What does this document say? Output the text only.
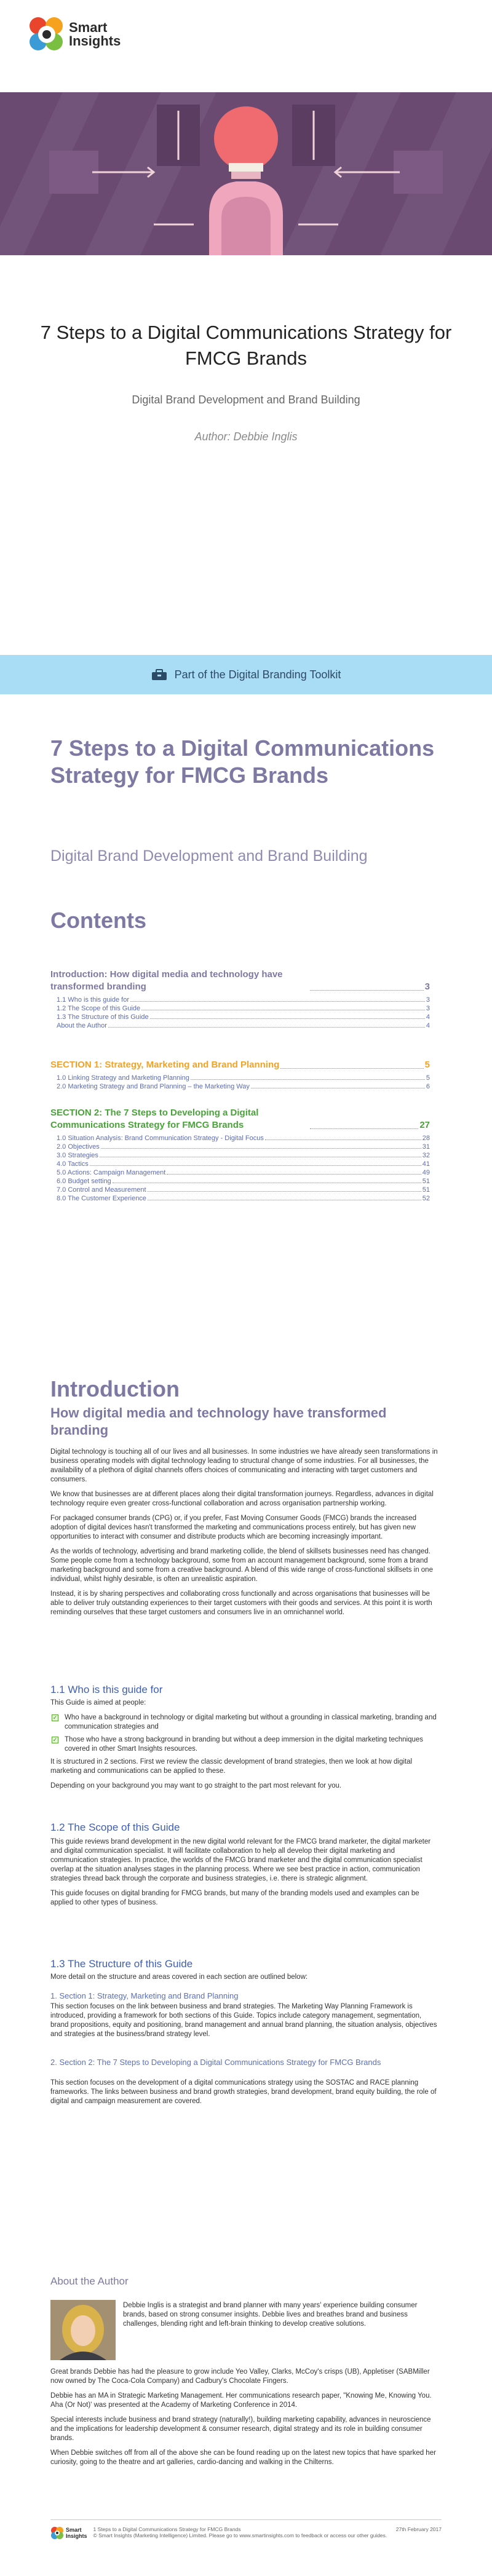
Smart
Insights
7 Steps to a Digital Communications Strategy for FMCG Brands
Digital Brand Development and Brand Building
Author: Debbie Inglis
Part of the Digital Branding Toolkit
7 Steps to a Digital Communications Strategy for FMCG Brands
Digital Brand Development and Brand Building
Contents
Introduction: How digital media and technology have transformed branding	3
1.1 Who is this guide for	3
1.2 The Scope of this Guide	3
1.3 The Structure of this Guide	4
About the Author	4
SECTION 1: Strategy, Marketing and Brand Planning	5
1.0 Linking Strategy and Marketing Planning	5
2.0 Marketing Strategy and Brand Planning – the Marketing Way	6
SECTION 2: The 7 Steps to Developing a Digital Communications Strategy for FMCG Brands	27
1.0 Situation Analysis: Brand Communication Strategy - Digital Focus	28
2.0 Objectives	31
3.0 Strategies	32
4.0 Tactics	41
5.0 Actions: Campaign Management	49
6.0 Budget setting	51
7.0 Control and Measurement	51
8.0 The Customer Experience	52
Introduction
How digital media and technology have transformed branding

Digital technology is touching all of our lives and all businesses. In some industries we have already seen transformations in business operating models with digital technology leading to structural change of some industries. For all businesses, the availability of a plethora of digital channels offers choices of communicating and interacting with target customers and consumers.

We know that businesses are at different places along their digital transformation journeys. Regardless, advances in digital technology require even greater cross-functional collaboration and across organisation partnership working.

For packaged consumer brands (CPG) or, if you prefer, Fast Moving Consumer Goods (FMCG) brands the increased adoption of digital devices hasn't transformed the marketing and communications process entirely, but has given new opportunities to interact with consumer and distribute products which are becoming increasingly important.

As the worlds of technology, advertising and brand marketing collide, the blend of skillsets businesses need has changed. Some people come from a technology background, some from an account management background, some from a brand marketing background and some from a creative background. A blend of this wide range of cross-functional skillsets in one individual, whilst highly desirable, is often an unrealistic aspiration.

Instead, it is by sharing perspectives and collaborating cross functionally and across organisations that businesses will be able to deliver truly outstanding experiences to their target customers with their goods and services. At this point it is worth reminding ourselves that these target customers and consumers live in an omnichannel world.

1.1 Who is this guide for

This Guide is aimed at people:

✓ Who have a background in technology or digital marketing but without a grounding in classical marketing, branding and communication strategies and
✓ Those who have a strong background in branding but without a deep immersion in the digital marketing techniques covered in other Smart Insights resources.

It is structured in 2 sections. First we review the classic development of brand strategies, then we look at how digital marketing and communications can be applied to these.

Depending on your background you may want to go straight to the part most relevant for you.

1.2 The Scope of this Guide

This guide reviews brand development in the new digital world relevant for the FMCG brand marketer, the digital marketer and digital communication specialist. It will facilitate collaboration to help all develop their digital marketing and communication strategies. In practice, the worlds of the FMCG brand marketer and the digital communication specialist overlap at the situation analyses stages in the planning process. Where we see best practice in action, communication strategies thread back through the corporate and business strategies, i.e. there is strategic alignment.

This guide focuses on digital branding for FMCG brands, but many of the branding models used and examples can be applied to other types of business.

1.3 The Structure of this Guide
More detail on the structure and areas covered in each section are outlined below:
1. Section 1: Strategy, Marketing and Brand Planning
This section focuses on the link between business and brand strategies. The Marketing Way Planning Framework is introduced, providing a framework for both sections of this Guide. Topics include category management, segmentation, brand propositions, equity and positioning, brand management and annual brand planning, the situation analysis, objectives and strategies at the business/brand strategy level.
2. Section 2: The 7 Steps to Developing a Digital Communications Strategy for FMCG Brands
This section focuses on the development of a digital communications strategy using the SOSTAC and RACE planning frameworks. The links between business and brand growth strategies, brand development, brand equity building, the role of digital and campaign measurement are covered.
About the Author
Debbie Inglis is a strategist and brand planner with many years' experience building consumer brands, based on strong consumer insights. Debbie lives and breathes brand and business challenges, blending right and left-brain thinking to develop creative solutions.

Great brands Debbie has had the pleasure to grow include Yeo Valley, Clarks, McCoy's crisps (UB), Appletiser (SABMiller now owned by The Coca-Cola Company) and Cadbury's Chocolate Fingers.

Debbie has an MA in Strategic Marketing Management. Her communications research paper, "Knowing Me, Knowing You. Aha (Or Not)' was presented at the Academy of Marketing Conference in 2014.

Special interests include business and brand strategy (naturally!), building marketing capability, advances in neuroscience and the implications for leadership development & consumer research, digital strategy and its role in building consumer brands.

When Debbie switches off from all of the above she can be found reading up on the latest new topics that have sparked her curiosity, going to the theatre and art galleries, cardio-dancing and walking in the Chilterns.

Smart
Insights
1
Steps to a Digital Communications Strategy for FMCG Brands	27th February 2017
© Smart Insights (Marketing Intelligence) Limited. Please go to www.smartinsights.com to feedback or access our other guides.
